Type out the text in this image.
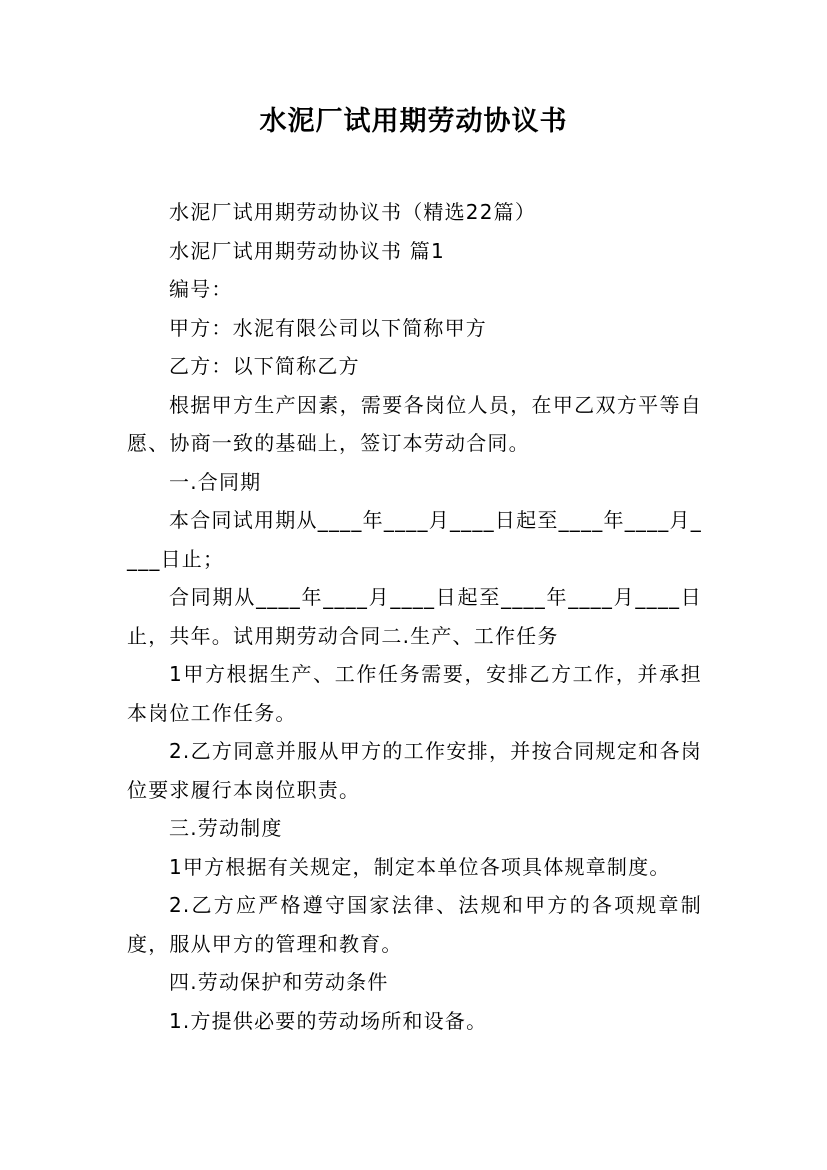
水泥厂试用期劳动协议书

水泥厂试用期劳动协议书（精选22篇）

水泥厂试用期劳动协议书 篇1

编号：

甲方：水泥有限公司以下简称甲方

乙方：以下简称乙方

根据甲方生产因素，需要各岗位人员，在甲乙双方平等自愿、协商一致的基础上，签订本劳动合同。

一.合同期

本合同试用期从____年____月____日起至____年____月____日止；

合同期从____年____月____日起至____年____月____日止，共年。试用期劳动合同二.生产、工作任务

1甲方根据生产、工作任务需要，安排乙方工作，并承担本岗位工作任务。

2.乙方同意并服从甲方的工作安排，并按合同规定和各岗位要求履行本岗位职责。

三.劳动制度

1甲方根据有关规定，制定本单位各项具体规章制度。

2.乙方应严格遵守国家法律、法规和甲方的各项规章制度，服从甲方的管理和教育。

四.劳动保护和劳动条件

1.方提供必要的劳动场所和设备。
